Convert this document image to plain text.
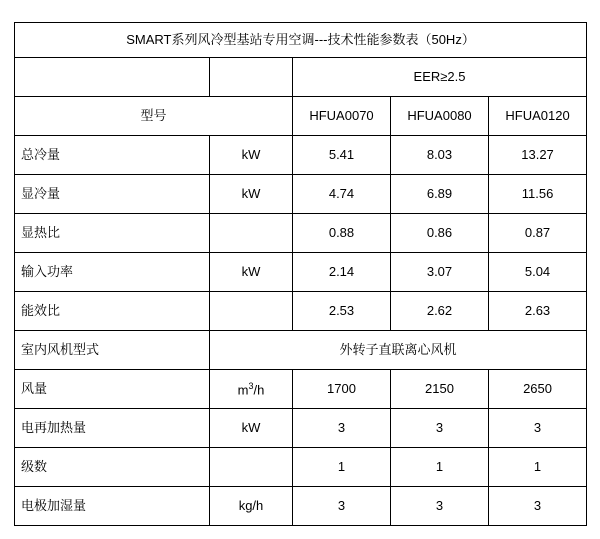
SMART系列风冷型基站专用空调---技术性能参数表（50Hz）				
		EER≥2.5		
型号		HFUA0070	HFUA0080	HFUA0120
总冷量	kW	5.41	8.03	13.27
显冷量	kW	4.74	6.89	11.56
显热比		0.88	0.86	0.87
输入功率	kW	2.14	3.07	5.04
能效比		2.53	2.62	2.63
室内风机型式	外转子直联离心风机			
风量	$m^3/h$	1700	2150	2650
电再加热量	kW	3	3	3
级数		1	1	1
电极加湿量	kg/h	3	3	3
